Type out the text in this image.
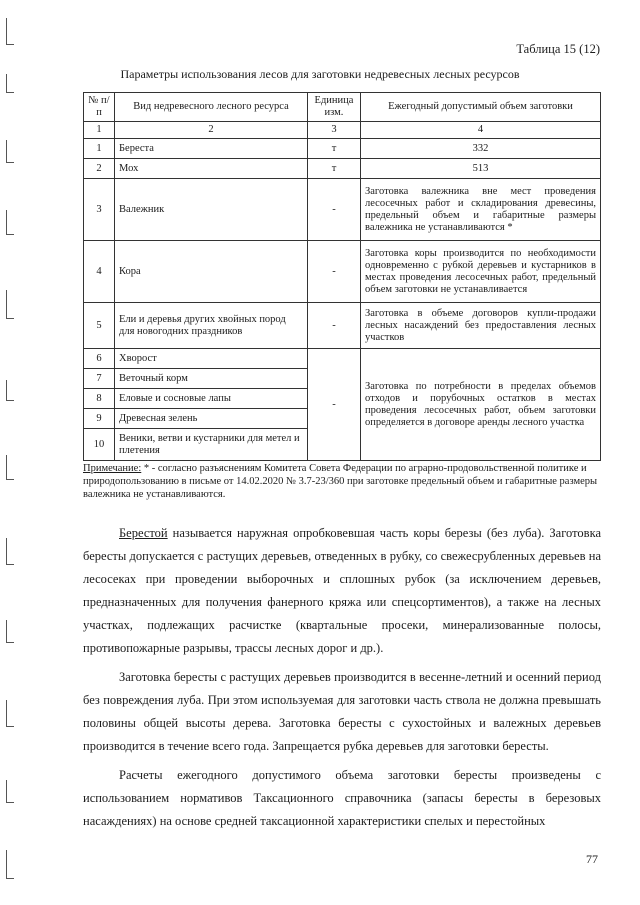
Таблица 15 (12)
Параметры использования лесов для заготовки недревесных лесных ресурсов
№ п/п	Вид недревесного лесного ресурса	Единица изм.	Ежегодный допустимый объем заготовки
1	2	3	4
1	Береста	т	332
2	Мох	т	513
3	Валежник	-	Заготовка валежника вне мест проведения лесосечных работ и складирования древесины, предельный объем и габаритные размеры валежника не устанавливаются *
4	Кора	-	Заготовка коры производится по необходимости одновременно с рубкой деревьев и кустарников в местах проведения лесосечных работ, предельный объем заготовки не устанавливается
5	Ели и деревья других хвойных пород для новогодних праздников	-	Заготовка в объеме договоров купли-продажи лесных насаждений без предоставления лесных участков
6	Хворост	-	Заготовка по потребности в пределах объемов отходов и порубочных остатков в местах проведения лесосечных работ, объем заготовки определяется в договоре аренды лесного участка
7	Веточный корм		
8	Еловые и сосновые лапы		
9	Древесная зелень		
10	Веники, ветви и кустарники для метел и плетения		
Примечание: * - согласно разъяснениям Комитета Совета Федерации по аграрно-продовольственной политике и природопользованию в письме от 14.02.2020 № 3.7-23/360 при заготовке предельный объем и габаритные размеры валежника не устанавливаются.

Берестой называется наружная опробковевшая часть коры березы (без луба). Заготовка бересты допускается с растущих деревьев, отведенных в рубку, со свежесрубленных деревьев на лесосеках при проведении выборочных и сплошных рубок (за исключением деревьев, предназначенных для получения фанерного кряжа или спецсортиментов), а также на лесных участках, подлежащих расчистке (квартальные просеки, минерализованные полосы, противопожарные разрывы, трассы лесных дорог и др.).

Заготовка бересты с растущих деревьев производится в весенне-летний и осенний период без повреждения луба. При этом используемая для заготовки часть ствола не должна превышать половины общей высоты дерева. Заготовка бересты с сухостойных и валежных деревьев производится в течение всего года. Запрещается рубка деревьев для заготовки бересты.

Расчеты ежегодного допустимого объема заготовки бересты произведены с использованием нормативов Таксационного справочника (запасы бересты в березовых насаждениях) на основе средней таксационной характеристики спелых и перестойных

77
